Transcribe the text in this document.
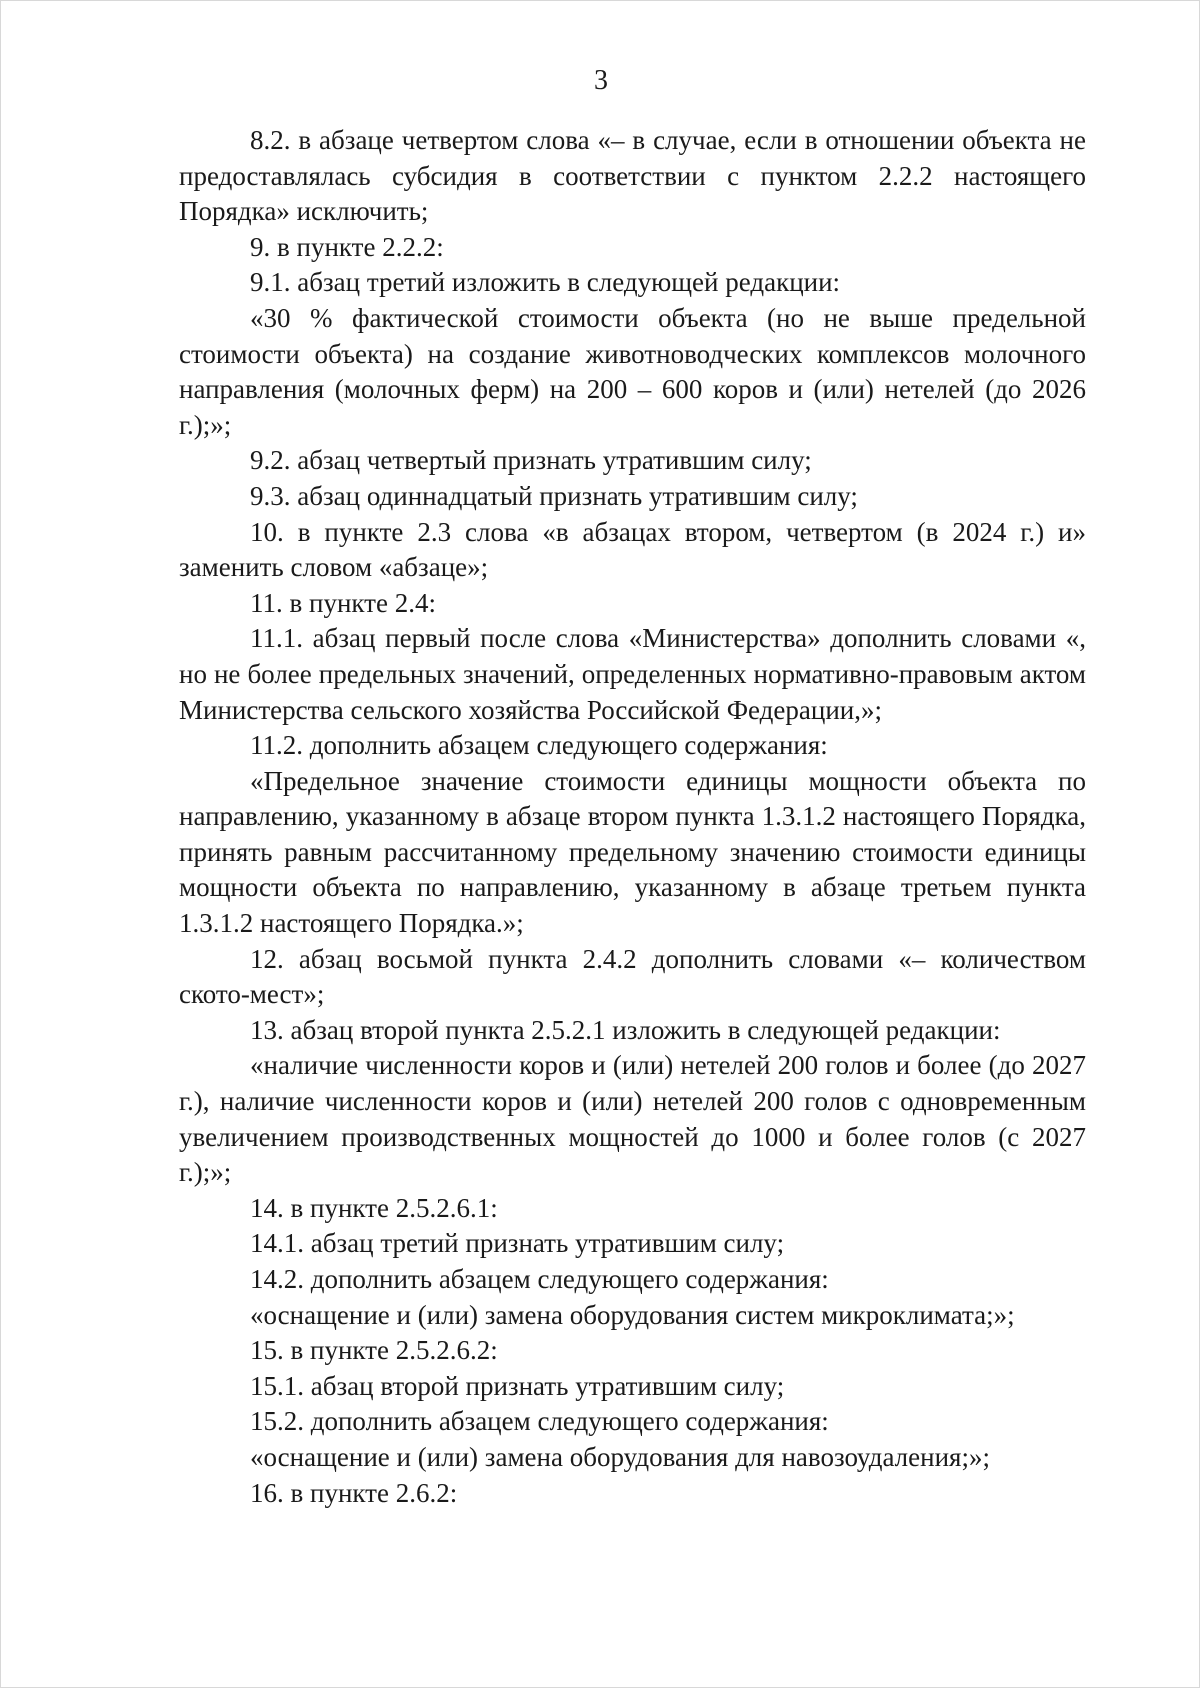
3

8.2. в абзаце четвертом слова «– в случае, если в отношении объекта не предоставлялась субсидия в соответствии с пунктом 2.2.2 настоящего Порядка» исключить;

9. в пункте 2.2.2:

9.1. абзац третий изложить в следующей редакции:

«30 % фактической стоимости объекта (но не выше предельной стоимости объекта) на создание животноводческих комплексов молочного направления (молочных ферм) на 200 – 600 коров и (или) нетелей (до 2026 г.);»;

9.2. абзац четвертый признать утратившим силу;

9.3. абзац одиннадцатый признать утратившим силу;

10. в пункте 2.3 слова «в абзацах втором, четвертом (в 2024 г.) и» заменить словом «абзаце»;

11. в пункте 2.4:

11.1. абзац первый после слова «Министерства» дополнить словами «, но не более предельных значений, определенных нормативно-правовым актом Министерства сельского хозяйства Российской Федерации,»;

11.2. дополнить абзацем следующего содержания:

«Предельное значение стоимости единицы мощности объекта по направлению, указанному в абзаце втором пункта 1.3.1.2 настоящего Порядка, принять равным рассчитанному предельному значению стоимости единицы мощности объекта по направлению, указанному в абзаце третьем пункта 1.3.1.2 настоящего Порядка.»;

12. абзац восьмой пункта 2.4.2 дополнить словами «– количеством ското-мест»;

13. абзац второй пункта 2.5.2.1 изложить в следующей редакции:

«наличие численности коров и (или) нетелей 200 голов и более (до 2027 г.), наличие численности коров и (или) нетелей 200 голов с одновременным увеличением производственных мощностей до 1000 и более голов (с 2027 г.);»;

14. в пункте 2.5.2.6.1:

14.1. абзац третий признать утратившим силу;

14.2. дополнить абзацем следующего содержания:

«оснащение и (или) замена оборудования систем микроклимата;»;

15. в пункте 2.5.2.6.2:

15.1. абзац второй признать утратившим силу;

15.2. дополнить абзацем следующего содержания:

«оснащение и (или) замена оборудования для навозоудаления;»;

16. в пункте 2.6.2:
